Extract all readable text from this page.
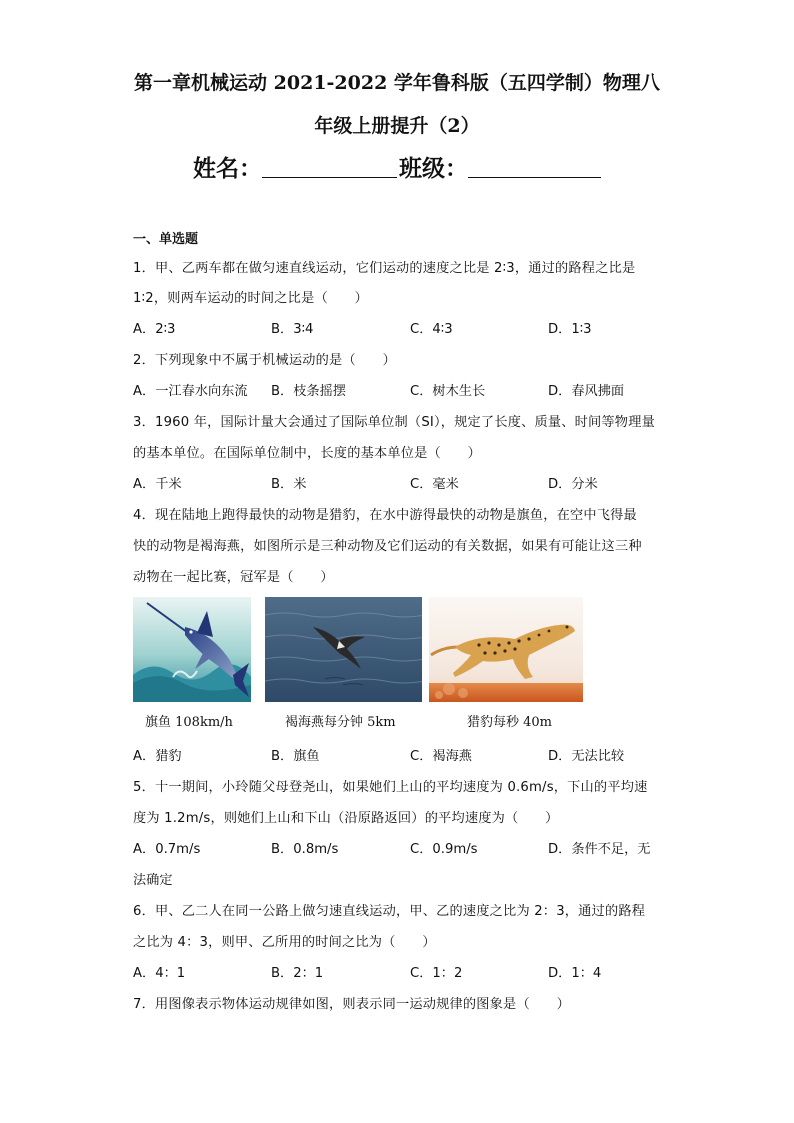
第一章机械运动 2021-2022 学年鲁科版（五四学制）物理八
年级上册提升（2）
姓名：	班级：
一、单选题
1．甲、乙两车都在做匀速直线运动，它们运动的速度之比是 2∶3，通过的路程之比是
1∶2，则两车运动的时间之比是（　　）
A．2∶3	B．3∶4	C．4∶3	D．1∶3
2．下列现象中不属于机械运动的是（　　）
A．一江春水向东流 B．枝条摇摆	C．树木生长	D．春风拂面
3．1960 年，国际计量大会通过了国际单位制（SI），规定了长度、质量、时间等物理量
的基本单位。在国际单位制中，长度的基本单位是（　　）
A．千米	B．米	C．毫米	D．分米
4．现在陆地上跑得最快的动物是猎豹，在水中游得最快的动物是旗鱼，在空中飞得最
快的动物是褐海燕，如图所示是三种动物及它们运动的有关数据，如果有可能让这三种
动物在一起比赛，冠军是（　　）
旗鱼 108km/h	褐海燕每分钟 5km	猎豹每秒 40m
A．猎豹	B．旗鱼	C．褐海燕	D．无法比较
5．十一期间，小玲随父母登尧山，如果她们上山的平均速度为 0.6m/s，下山的平均速
度为 1.2m/s，则她们上山和下山（沿原路返回）的平均速度为（　　）
A．0.7m/s	B．0.8m/s	C．0.9m/s	D．条件不足，无
法确定
6．甲、乙二人在同一公路上做匀速直线运动，甲、乙的速度之比为 2：3，通过的路程
之比为 4：3，则甲、乙所用的时间之比为（　　）
A．4：1	B．2：1	C．1：2	D．1：4
7．用图像表示物体运动规律如图，则表示同一运动规律的图象是（　　）
